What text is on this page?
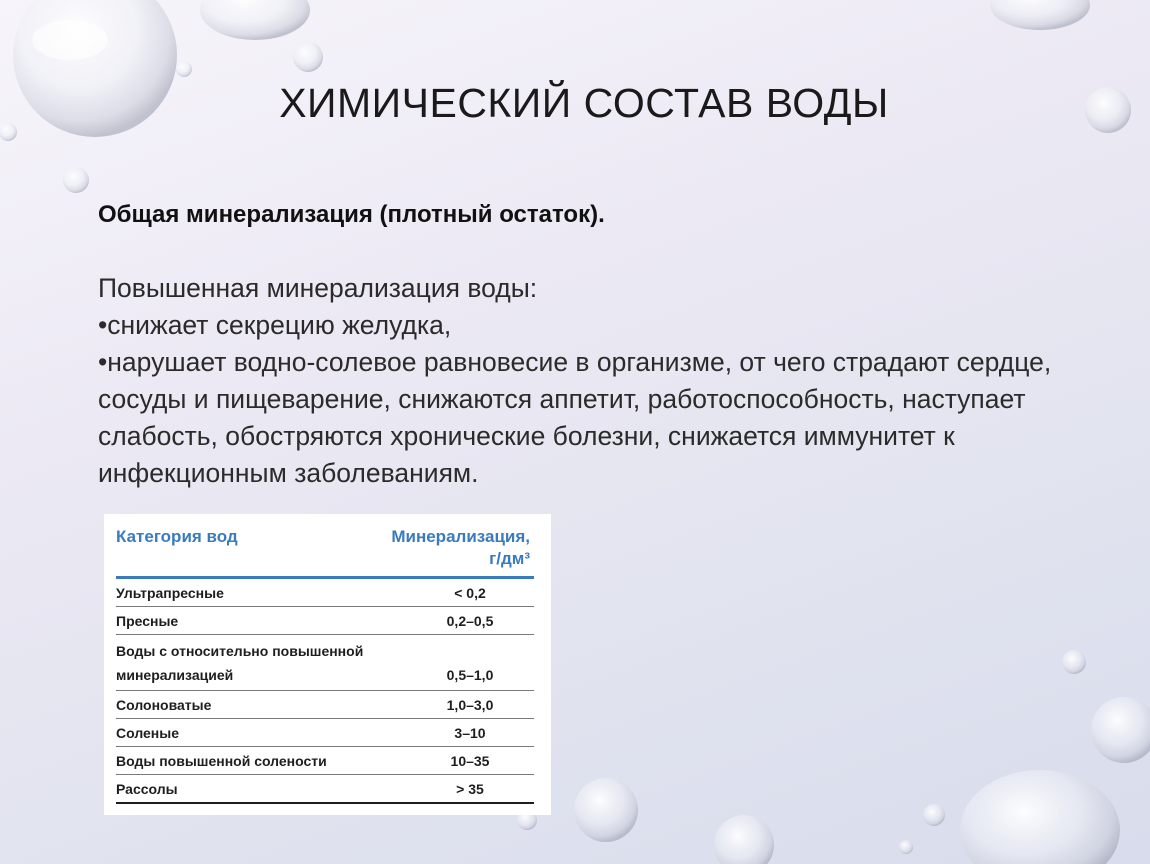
ХИМИЧЕСКИЙ СОСТАВ ВОДЫ

Общая минерализация (плотный остаток).

Повышенная минерализация воды:

•снижает секрецию желудка,

•нарушает водно-солевое равновесие в организме, от чего страдают сердце, сосуды и пищеварение, снижаются аппетит, работоспособность, наступает слабость, обостряются хронические болезни, снижается иммунитет к инфекционным заболеваниям.

Категория вод	Минерализация,
г/дм³
Ультрапресные	< 0,2
Пресные	0,2–0,5
Воды с относительно повышенной минерализацией	0,5–1,0
Солоноватые	1,0–3,0
Соленые	3–10
Воды повышенной солености	10–35
Рассолы	> 35
